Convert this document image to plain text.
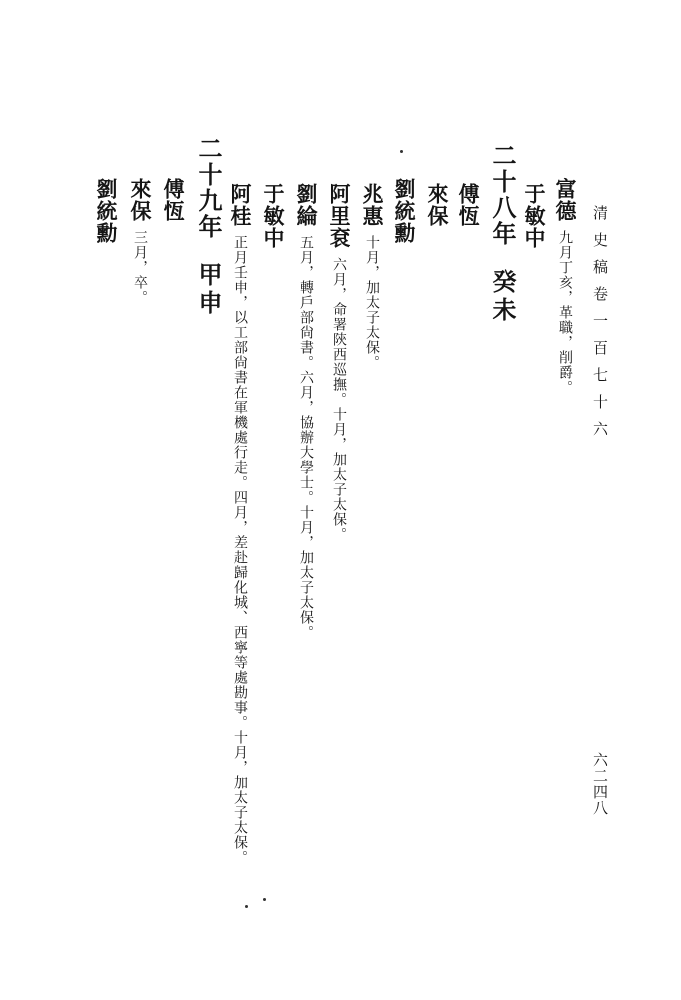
清史稿卷一百七十六
六二四八
富德九月丁亥，革職，削爵。
于敏中
二十八年癸未
傅恆
來保
劉統勳
兆惠十月，加太子太保。
阿里袞六月，命署陝西巡撫。十月，加太子太保。
劉綸五月，轉戶部尙書。六月，協辦大學士。十月，加太子太保。
于敏中
阿桂正月壬申，以工部尙書在軍機處行走。四月，差赴歸化城、西寧等處勘事。十月，加太子太保。
二十九年甲申
傅恆
來保三月，卒。
劉統勳
